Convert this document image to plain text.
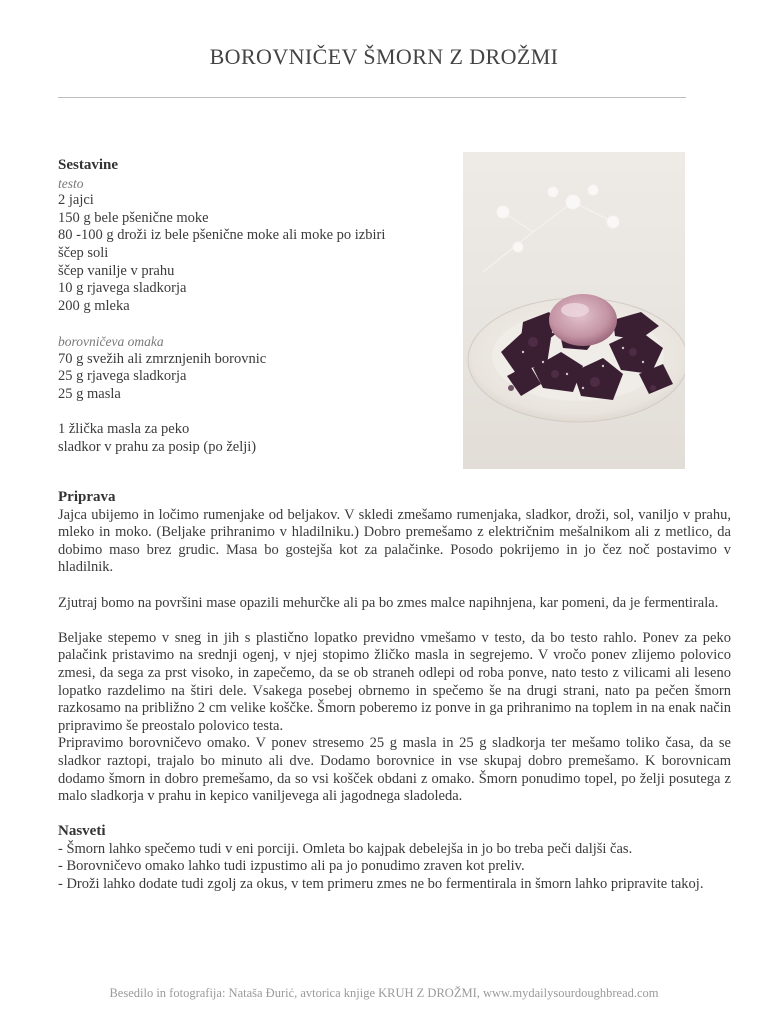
BOROVNIČEV ŠMORN Z DROŽMI
Sestavine
testo
2 jajci
150 g bele pšenične moke
80 -100 g droži iz bele pšenične moke ali moke po izbiri
ščep soli
ščep vanilje v prahu
10 g rjavega sladkorja
200 g mleka
borovničeva omaka
70 g svežih ali zmrznjenih borovnic
25 g rjavega sladkorja
25 g masla
1 žlička masla za peko
sladkor v prahu za posip (po želji)
Priprava

Jajca ubijemo in ločimo rumenjake od beljakov. V skledi zmešamo rumenjaka, sladkor, droži, sol, vaniljo v prahu, mleko in moko. (Beljake prihranimo v hladilniku.) Dobro premešamo z električnim mešalnikom ali z metlico, da dobimo maso brez grudic. Masa bo gostejša kot za palačinke. Posodo pokrijemo in jo čez noč postavimo v hladilnik.

Zjutraj bomo na površini mase opazili mehurčke ali pa bo zmes malce napihnjena, kar pomeni, da je fermentirala.

Beljake stepemo v sneg in jih s plastično lopatko previdno vmešamo v testo, da bo testo rahlo. Ponev za peko palačink pristavimo na srednji ogenj, v njej stopimo žličko masla in segrejemo. V vročo ponev zlijemo polovico zmesi, da sega za prst visoko, in zapečemo, da se ob straneh odlepi od roba ponve, nato testo z vilicami ali leseno lopatko razdelimo na štiri dele. Vsakega posebej obrnemo in spečemo še na drugi strani, nato pa pečen šmorn razkosamo na približno 2 cm velike koščke. Šmorn poberemo iz ponve in ga prihranimo na toplem in na enak način pripravimo še preostalo polovico testa.

Pripravimo borovničevo omako. V ponev stresemo 25 g masla in 25 g sladkorja ter mešamo toliko časa, da se sladkor raztopi, trajalo bo minuto ali dve. Dodamo borovnice in vse skupaj dobro premešamo. K borovnicam dodamo šmorn in dobro premešamo, da so vsi košček obdani z omako. Šmorn ponudimo topel, po želji posutega z malo sladkorja v prahu in kepico vaniljevega ali jagodnega sladoleda.

Nasveti

- Šmorn lahko spečemo tudi v eni porciji. Omleta bo kajpak debelejša in jo bo treba peči daljši čas.

- Borovničevo omako lahko tudi izpustimo ali pa jo ponudimo zraven kot preliv.

- Droži lahko dodate tudi zgolj za okus, v tem primeru zmes ne bo fermentirala in šmorn lahko pripravite takoj.

Besedilo in fotografija: Nataša Đurić, avtorica knjige KRUH Z DROŽMI, www.mydailysourdoughbread.com
